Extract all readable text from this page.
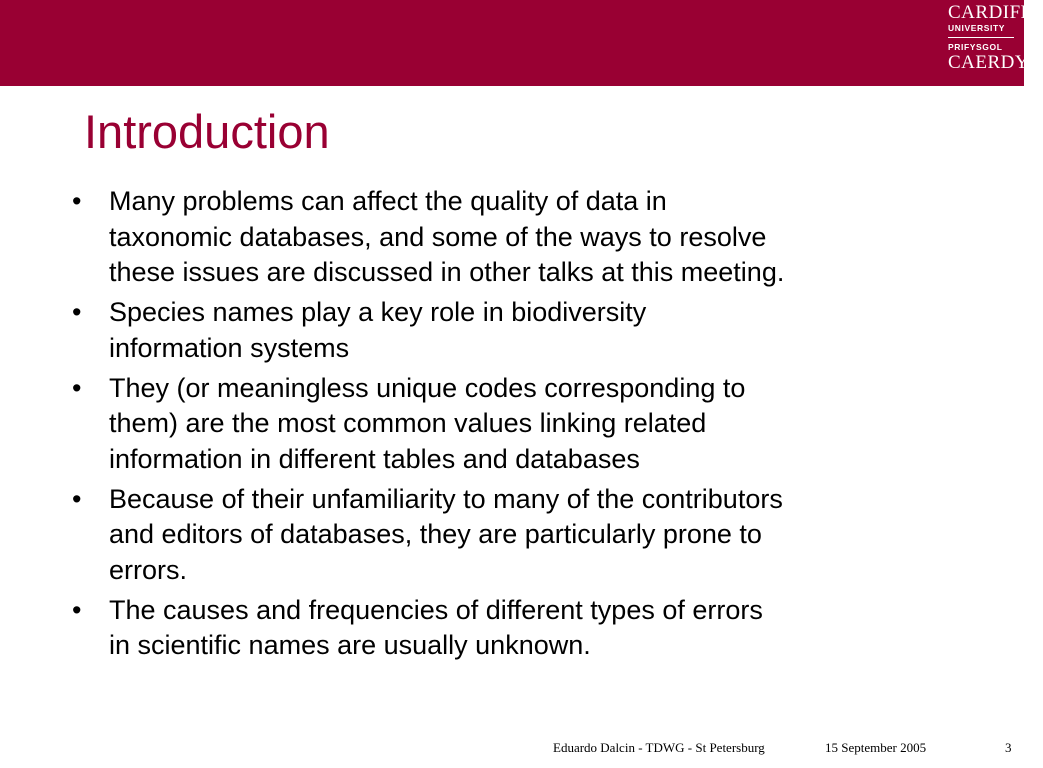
CARDIFF
UNIVERSITY
PRIFYSGOL
CAERDYD
Introduction
• Many problems can affect the quality of data in
taxonomic databases, and some of the ways to resolve
these issues are discussed in other talks at this meeting.
• Species names play a key role in biodiversity
information systems
• They (or meaningless unique codes corresponding to
them) are the most common values linking related
information in different tables and databases
• Because of their unfamiliarity to many of the contributors
and editors of databases, they are particularly prone to
errors.
• The causes and frequencies of different types of errors
in scientific names are usually unknown.
Eduardo Dalcin - TDWG - St Petersburg	15 September 2005	3
